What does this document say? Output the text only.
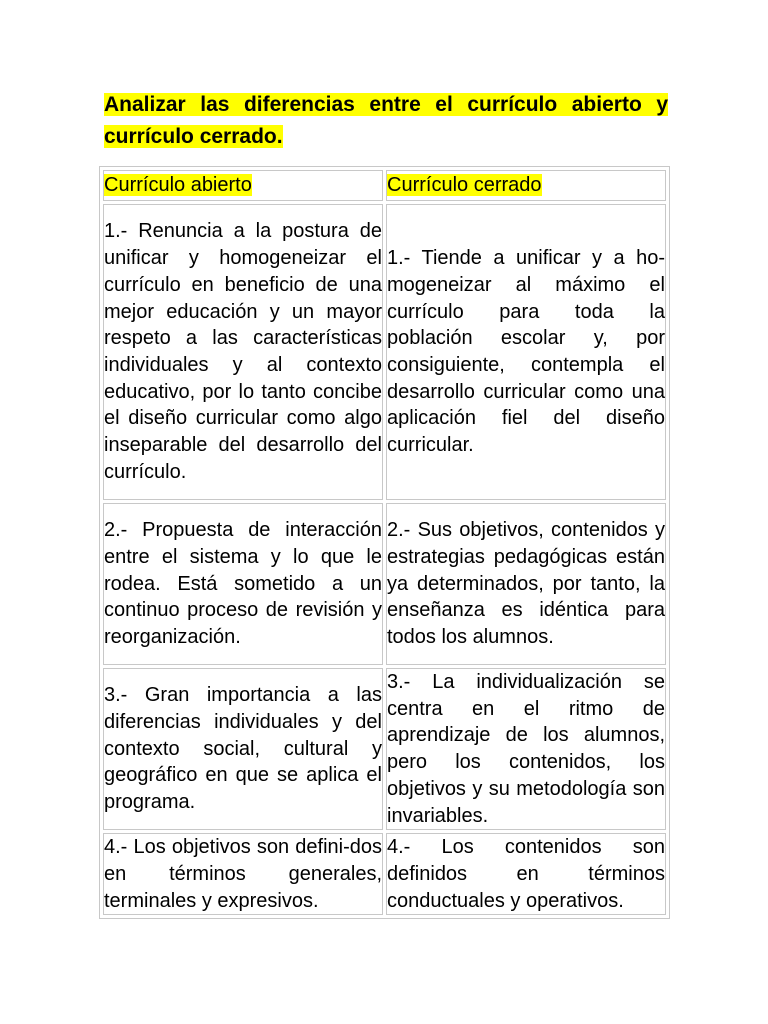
Analizar las diferencias entre el currículo abierto y currículo cerrado.

Currículo abierto	Currículo cerrado
1.- Renuncia a la postura de unificar y homogeneizar el currículo en beneficio de una mejor educación y un mayor respeto a las características individuales y al contexto educativo, por lo tanto concibe el diseño curricular como algo inseparable del desarrollo del currículo.	1.- Tiende a unificar y a ho-mogeneizar al máximo el currículo para toda la población escolar y, por consiguiente, contempla el desarrollo curricular como una aplicación fiel del diseño curricular.
2.- Propuesta de interacción entre el sistema y lo que le rodea. Está sometido a un continuo proceso de revisión y reorganización.	2.- Sus objetivos, contenidos y estrategias pedagógicas están ya determinados, por tanto, la enseñanza es idéntica para todos los alumnos.
3.- Gran importancia a las diferencias individuales y del contexto social, cultural y geográfico en que se aplica el programa.	3.- La individualización se centra en el ritmo de aprendizaje de los alumnos, pero los contenidos, los objetivos y su metodología son invariables.
4.- Los objetivos son defini-dos en términos generales, terminales y expresivos.	4.- Los contenidos son definidos en términos conductuales y operativos.
